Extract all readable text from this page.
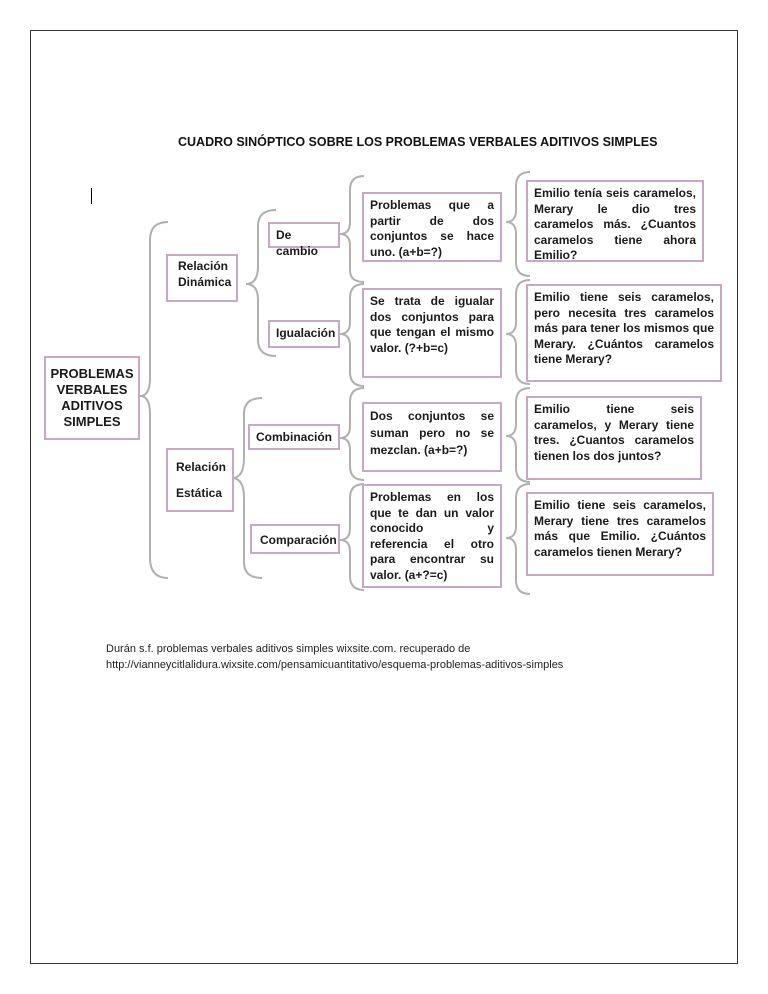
CUADRO SINÓPTICO SOBRE LOS PROBLEMAS VERBALES ADITIVOS SIMPLES
PROBLEMAS VERBALES ADITIVOS SIMPLES
Relación
Dinámica
Relación
Estática
De cambio
Igualación
Combinación
Comparación
Problemas que a partir de dos conjuntos se hace uno. (a+b=?)
Se trata de igualar dos conjuntos para que tengan el mismo valor. (?+b=c)
Dos conjuntos se suman pero no se mezclan. (a+b=?)
Problemas en los que te dan un valor conocido y referencia el otro para encontrar su valor. (a+?=c)
Emilio tenía seis caramelos, Merary le dio tres caramelos más. ¿Cuantos caramelos tiene ahora Emilio?
Emilio tiene seis caramelos, pero necesita tres caramelos más para tener los mismos que Merary. ¿Cuántos caramelos tiene Merary?
Emilio tiene seis caramelos, y Merary tiene tres. ¿Cuantos caramelos tienen los dos juntos?
Emilio tiene seis caramelos, Merary tiene tres caramelos más que Emilio. ¿Cuántos caramelos tienen Merary?
Durán s.f. problemas verbales aditivos simples wixsite.com. recuperado de
http://vianneycitlalidura.wixsite.com/pensamicuantitativo/esquema-problemas-aditivos-simples
